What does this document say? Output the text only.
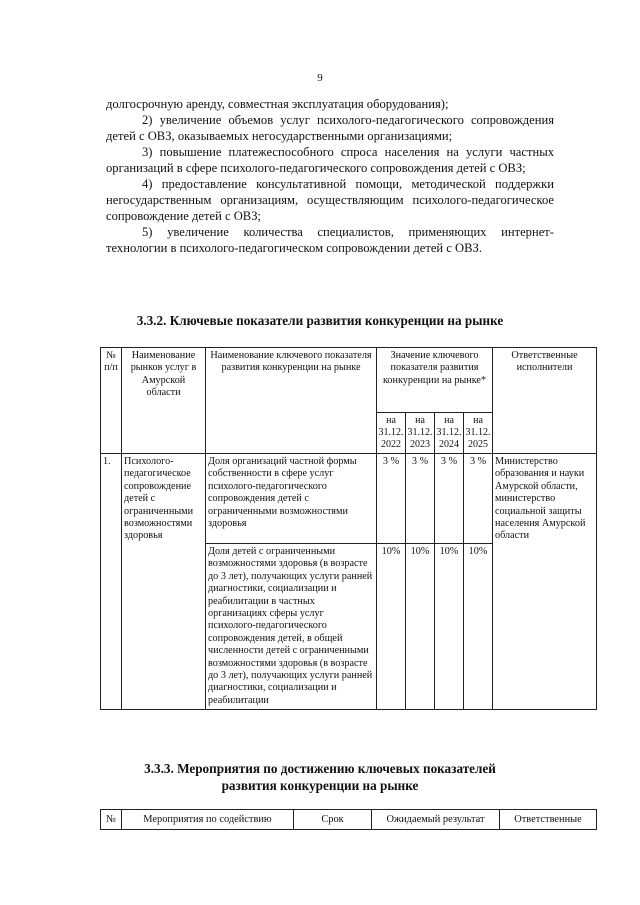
9

долгосрочную аренду, совместная эксплуатация оборудования);

2) увеличение объемов услуг психолого-педагогического сопровождения детей с ОВЗ, оказываемых негосударственными организациями;

3) повышение платежеспособного спроса населения на услуги частных организаций в сфере психолого-педагогического сопровождения детей с ОВЗ;

4) предоставление консультативной помощи, методической поддержки негосударственным организациям, осуществляющим психолого-педагогическое сопровождение детей с ОВЗ;

5) увеличение количества специалистов, применяющих интернет-технологии в психолого-педагогическом сопровождении детей с ОВЗ.

3.3.2. Ключевые показатели развития конкуренции на рынке
№ п/п	Наименование рынков услуг в Амурской области	Наименование ключевого показателя развития конкуренции на рынке	Значение ключевого показателя развития конкуренции на рынке*				Ответственные исполнители
			на 31.12. 2022	на 31.12. 2023	на 31.12. 2024	на 31.12. 2025	
1.	Психолого-педагогическое сопровождение детей с ограниченными возможностями здоровья	Доля организаций частной формы собственности в сфере услуг психолого-педагогического сопровождения детей с ограниченными возможностями здоровья	3 %	3 %	3 %	3 %	Министерство образования и науки Амурской области, министерство социальной защиты населения Амурской области
		Доля детей с ограниченными возможностями здоровья (в возрасте до 3 лет), получающих услуги ранней диагностики, социализации и реабилитации в частных организациях сферы услуг психолого-педагогического сопровождения детей, в общей численности детей с ограниченными возможностями здоровья (в возрасте до 3 лет), получающих услуги ранней диагностики, социализации и реабилитации	10%	10%	10%	10%	
3.3.3. Мероприятия по достижению ключевых показателей
развития конкуренции на рынке
№	Мероприятия по содействию	Срок	Ожидаемый результат	Ответственные
